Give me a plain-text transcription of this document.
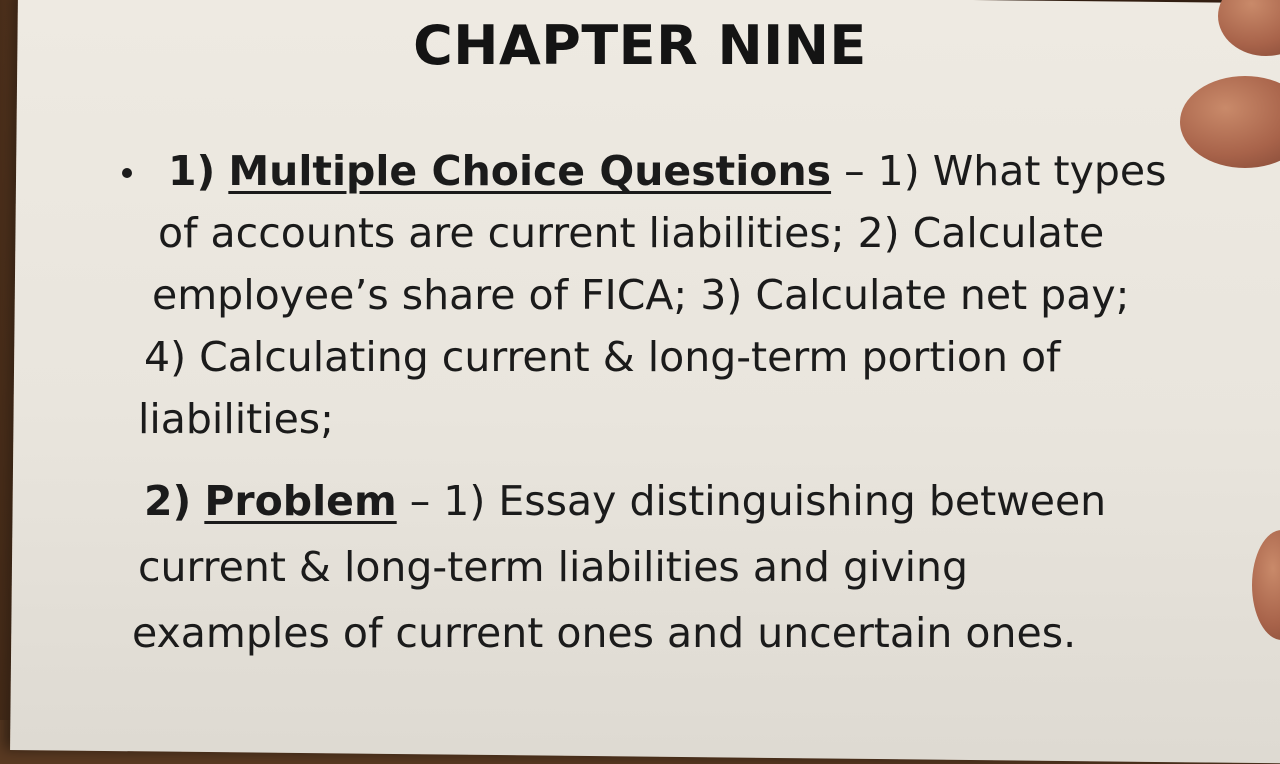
CHAPTER NINE
1) Multiple Choice Questions – 1) What types
of accounts are current liabilities; 2) Calculate
employee’s share of FICA; 3) Calculate net pay;
4) Calculating current & long-term portion of
liabilities;
2) Problem – 1) Essay distinguishing between
current & long-term liabilities and giving
examples of current ones and uncertain ones.
